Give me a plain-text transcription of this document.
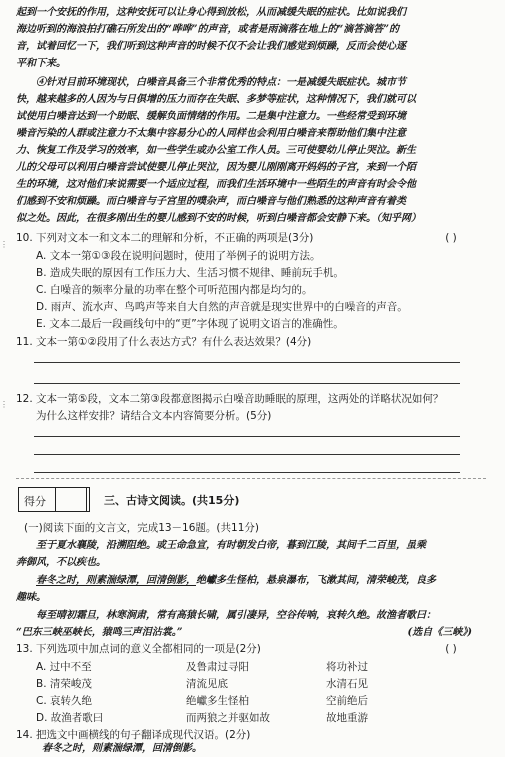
⋮
⋮
起到一个安抚的作用，这种安抚可以让身心得到放松，从而减缓失眠的症状。比如说我们
海边听到的海浪拍打礁石所发出的“哗哗”的声音，或者是雨滴落在地上的“滴答滴答”的
音，试着回忆一下，我们听到这种声音的时候不仅不会让我们感觉到烦躁，反而会使心逐
平和下来。
④针对目前环境现状，白噪音具备三个非常优秀的特点：一是减缓失眠症状。城市节
快，越来越多的人因为与日俱增的压力而存在失眠、多梦等症状，这种情况下，我们就可以
试使用白噪音达到一个助眠、缓解负面情绪的作用。二是集中注意力。一些经常受到环境
噪音污染的人群或注意力不太集中容易分心的人同样也会利用白噪音来帮助他们集中注意
力、恢复工作及学习的效率，如一些学生或办公室工作人员。三可使婴幼儿停止哭泣。新生
儿的父母可以利用白噪音尝试使婴儿停止哭泣，因为婴儿刚刚离开妈妈的子宫，来到一个陌
生的环境，这对他们来说需要一个适应过程，而我们生活环境中一些陌生的声音有时会令他
们感到不安和烦躁。而白噪音与子宫里的噗杂声，而白噪音与他们熟悉的这种声音有着类
似之处。因此，在很多刚出生的婴儿感到不安的时候，听到白噪音都会安静下来。（知乎网）
10. 下列对文本一和文本二的理解和分析，不正确的两项是(3分)	( )
A. 文本一第①③段在说明问题时，使用了举例子的说明方法。
B. 造成失眠的原因有工作压力大、生活习惯不规律、睡前玩手机。
C. 白噪音的频率分量的功率在整个可听范围内都是均匀的。
D. 雨声、流水声、鸟鸣声等来自大自然的声音就是现实世界中的白噪音的声音。
E. 文本二最后一段画线句中的“更”字体现了说明文语言的准确性。
11. 文本一第①②段用了什么表达方式？有什么表达效果？(4分)
12. 文本一第⑤段，文本二第③段都意图揭示白噪音助睡眠的原理，这两处的详略状况如何？
为什么这样安排？请结合文本内容简要分析。(5分)
得分	三、古诗文阅读。(共15分)
(一)阅读下面的文言文，完成13－16题。(共11分)
至于夏水襄陵，沿溯阻绝。或王命急宣，有时朝发白帝，暮到江陵，其间千二百里，虽乘
奔御风，不以疾也。
春冬之时，则素湍绿潭，回清倒影，绝巘多生怪柏，悬泉瀑布，飞漱其间，清荣峻茂，良多
趣味。
每至晴初霜旦，林寒涧肃，常有高猿长啸，属引凄异，空谷传响，哀转久绝。故渔者歌曰：
“巴东三峡巫峡长，猿鸣三声泪沾裳。”	(选自《三峡》)
13. 下列选项中加点词的意义全都相同的一项是(2分)	( )
A. 过中不至	及鲁肃过寻阳	将功补过
B. 清荣峻茂	清流见底	水清石见
C. 哀转久绝	绝巘多生怪柏	空前绝后
D. 故渔者歌曰	而两狼之并驱如故	故地重游
14. 把选文中画横线的句子翻译成现代汉语。(2分)
春冬之时，则素湍绿潭，回清倒影。
